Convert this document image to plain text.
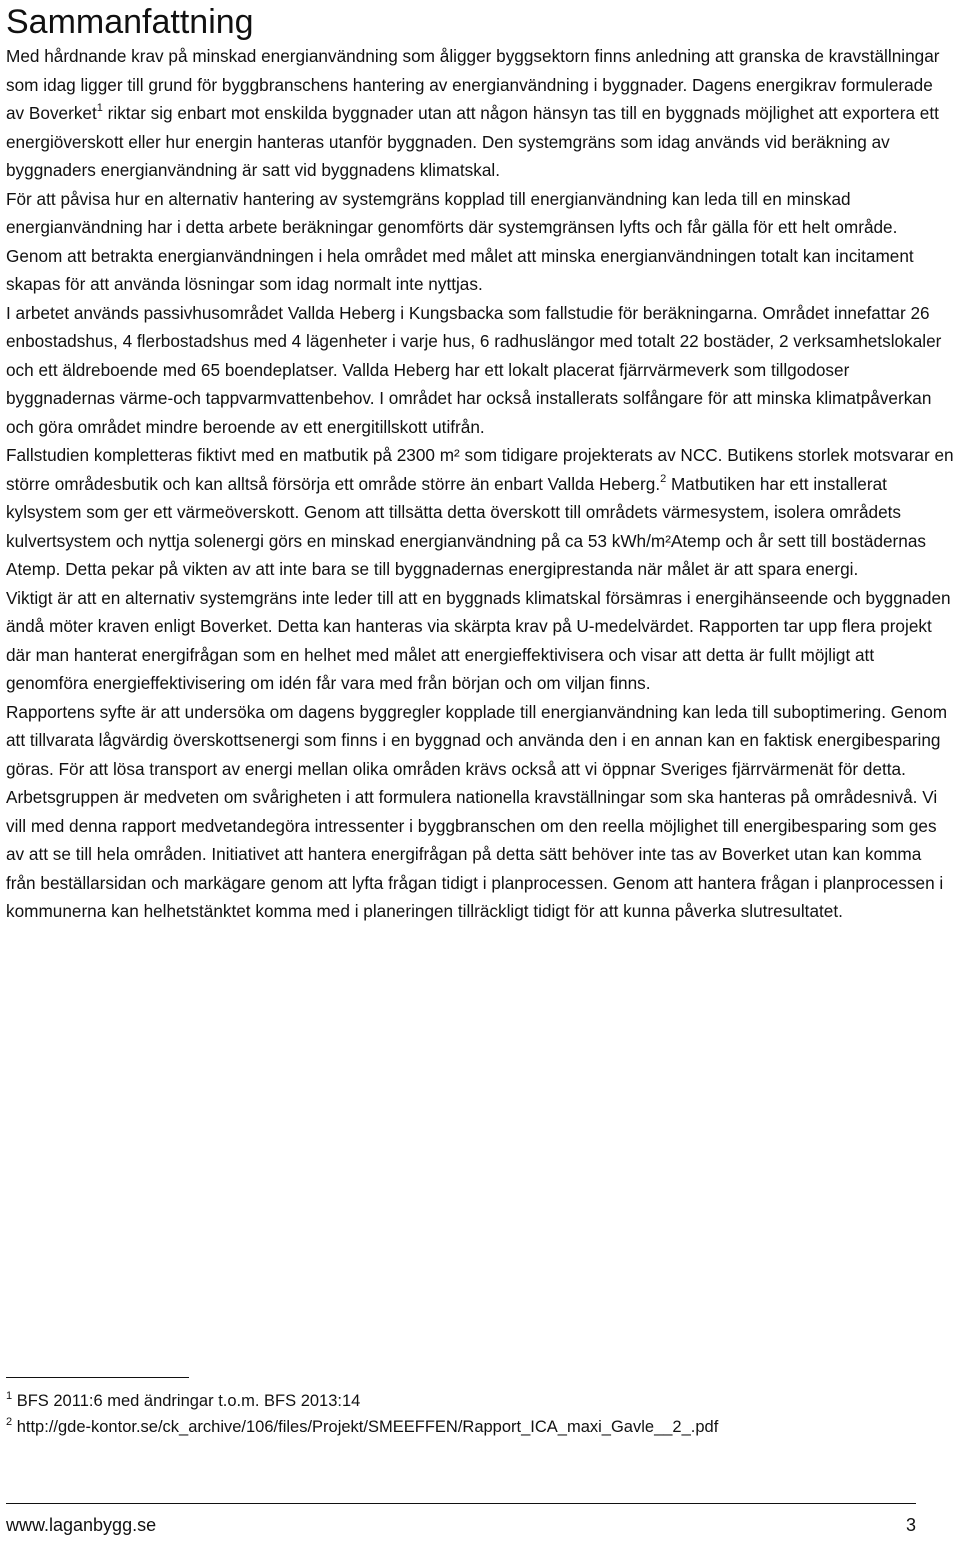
Sammanfattning

Med hårdnande krav på minskad energianvändning som åligger byggsektorn finns anledning att granska de kravställningar som idag ligger till grund för byggbranschens hantering av energianvändning i byggnader. Dagens energikrav formulerade av Boverket$^1$ riktar sig enbart mot enskilda byggnader utan att någon hänsyn tas till en byggnads möjlighet att exportera ett energiöverskott eller hur energin hanteras utanför byggnaden. Den systemgräns som idag används vid beräkning av byggnaders energianvändning är satt vid byggnadens klimatskal.

För att påvisa hur en alternativ hantering av systemgräns kopplad till energianvändning kan leda till en minskad energianvändning har i detta arbete beräkningar genomförts där systemgränsen lyfts och får gälla för ett helt område. Genom att betrakta energianvändningen i hela området med målet att minska energianvändningen totalt kan incitament skapas för att använda lösningar som idag normalt inte nyttjas.

I arbetet används passivhusområdet Vallda Heberg i Kungsbacka som fallstudie för beräkningarna. Området innefattar 26 enbostadshus, 4 flerbostadshus med 4 lägenheter i varje hus, 6 radhuslängor med totalt 22 bostäder, 2 verksamhetslokaler och ett äldreboende med 65 boendeplatser. Vallda Heberg har ett lokalt placerat fjärrvärmeverk som tillgodoser byggnadernas värme-och tappvarmvattenbehov. I området har också installerats solfångare för att minska klimatpåverkan och göra området mindre beroende av ett energitillskott utifrån.

Fallstudien kompletteras fiktivt med en matbutik på 2300 m² som tidigare projekterats av NCC. Butikens storlek motsvarar en större områdesbutik och kan alltså försörja ett område större än enbart Vallda Heberg.$^2$ Matbutiken har ett installerat kylsystem som ger ett värmeöverskott. Genom att tillsätta detta överskott till områdets värmesystem, isolera områdets kulvertsystem och nyttja solenergi görs en minskad energianvändning på ca 53 kWh/m²Atemp och år sett till bostädernas Atemp. Detta pekar på vikten av att inte bara se till byggnadernas energiprestanda när målet är att spara energi.

Viktigt är att en alternativ systemgräns inte leder till att en byggnads klimatskal försämras i energihänseende och byggnaden ändå möter kraven enligt Boverket. Detta kan hanteras via skärpta krav på U-medelvärdet. Rapporten tar upp flera projekt där man hanterat energifrågan som en helhet med målet att energieffektivisera och visar att detta är fullt möjligt att genomföra energieffektivisering om idén får vara med från början och om viljan finns.

Rapportens syfte är att undersöka om dagens byggregler kopplade till energianvändning kan leda till suboptimering. Genom att tillvarata lågvärdig överskottsenergi som finns i en byggnad och använda den i en annan kan en faktisk energibesparing göras. För att lösa transport av energi mellan olika områden krävs också att vi öppnar Sveriges fjärrvärmenät för detta.

Arbetsgruppen är medveten om svårigheten i att formulera nationella kravställningar som ska hanteras på områdesnivå. Vi vill med denna rapport medvetandegöra intressenter i byggbranschen om den reella möjlighet till energibesparing som ges av att se till hela områden. Initiativet att hantera energifrågan på detta sätt behöver inte tas av Boverket utan kan komma från beställarsidan och markägare genom att lyfta frågan tidigt i planprocessen. Genom att hantera frågan i planprocessen i kommunerna kan helhetstänktet komma med i planeringen tillräckligt tidigt för att kunna påverka slutresultatet.

$^1$ BFS 2011:6 med ändringar t.o.m. BFS 2013:14
$^2$ http://gde-kontor.se/ck_archive/106/files/Projekt/SMEEFFEN/Rapport_ICA_maxi_Gavle__2_.pdf
www.laganbygg.se	3
